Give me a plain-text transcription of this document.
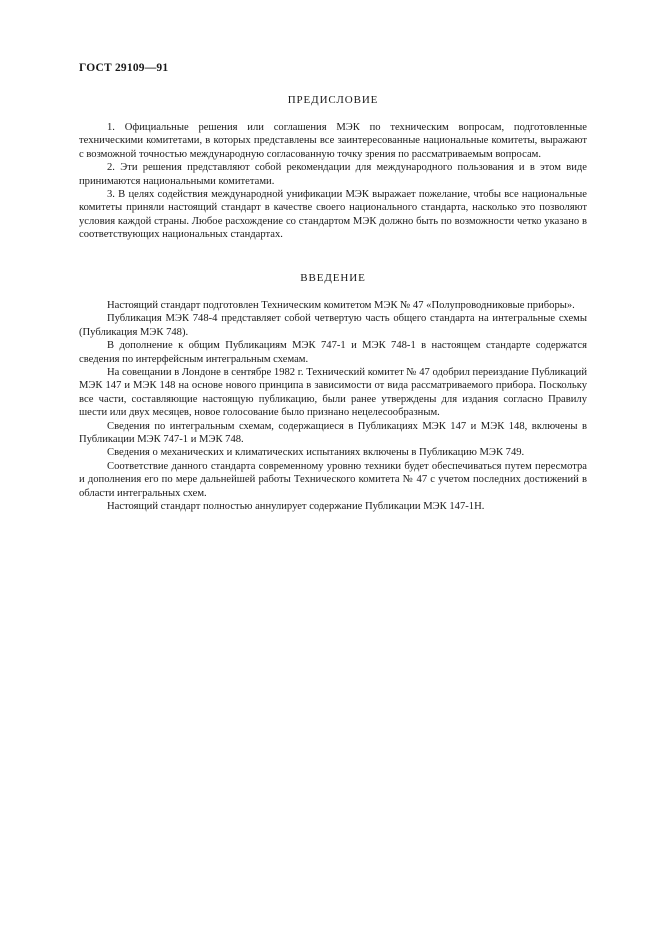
ГОСТ 29109—91
ПРЕДИСЛОВИЕ

1. Официальные решения или соглашения МЭК по техническим вопросам, подготовленные техническими комитетами, в которых представлены все заинтересованные национальные комитеты, выражают с возможной точностью международную согласованную точку зрения по рассматриваемым вопросам.

2. Эти решения представляют собой рекомендации для международного пользования и в этом виде принимаются национальными комитетами.

3. В целях содействия международной унификации МЭК выражает пожелание, чтобы все национальные комитеты приняли настоящий стандарт в качестве своего национального стандарта, насколько это позволяют условия каждой страны. Любое расхождение со стандартом МЭК должно быть по возможности четко указано в соответствующих национальных стандартах.

ВВЕДЕНИЕ

Настоящий стандарт подготовлен Техническим комитетом МЭК № 47 «Полупроводниковые приборы».

Публикация МЭК 748-4 представляет собой четвертую часть общего стандарта на интегральные схемы (Публикация МЭК 748).

В дополнение к общим Публикациям МЭК 747-1 и МЭК 748-1 в настоящем стандарте содержатся сведения по интерфейсным интегральным схемам.

На совещании в Лондоне в сентябре 1982 г. Технический комитет № 47 одобрил переиздание Публикаций МЭК 147 и МЭК 148 на основе нового принципа в зависимости от вида рассматриваемого прибора. Поскольку все части, составляющие настоящую публикацию, были ранее утверждены для издания согласно Правилу шести или двух месяцев, новое голосование было признано нецелесообразным.

Сведения по интегральным схемам, содержащиеся в Публикациях МЭК 147 и МЭК 148, включены в Публикации МЭК 747-1 и МЭК 748.

Сведения о механических и климатических испытаниях включены в Публикацию МЭК 749.

Соответствие данного стандарта современному уровню техники будет обеспечиваться путем пересмотра и дополнения его по мере дальнейшей работы Технического комитета № 47 с учетом последних достижений в области интегральных схем.

Настоящий стандарт полностью аннулирует содержание Публикации МЭК 147-1Н.
